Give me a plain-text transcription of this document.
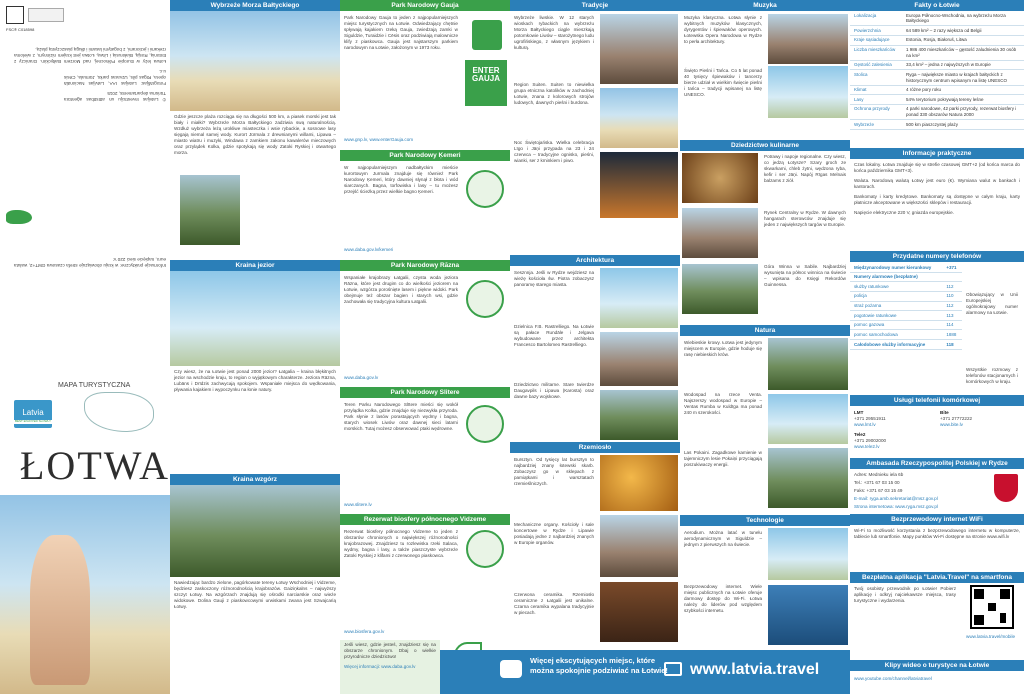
© Latvijas Investīciju un attīstības aģentūra Tūrisma departaments, 2015
Fotogrāfijas: Latvijas IAA, Latvijas Nacionālā opera, Rīgas pils, Uzvaras parks, Jūrmala, Cēsis u.c.
Łotwa leży w Europie Północnej, nad Morzem Bałtyckim. Graniczy z Estonią, Rosją, Białorusią i Litwą. Łotwa jest krajem nizinnym, z wieloma rzekami i jeziorami, z bogatymi lasami i długą piaszczystą plażą.
FSC® C018598
Informacje praktyczne: w kraju obowiązuje strefa czasowa GMT+2, waluta euro, napięcie sieci 220 V.
MAPA TURYSTYCZNA
Latvia
BEST ENJOYED SLOWLY
ŁOTWA
Wybrzeże Morza Bałtyckiego
Gdzie jeszcze plaża rozciąga się na długości 500 km, a piasek morski jest tak biały i miałki? Wybrzeże Morza Bałtyckiego zadziwia swą naturalnością. Wzdłuż wybrzeża leżą urokliwe miasteczka i wsie rybackie, a sosnowe lasy sięgają niemal samej wody. Kurort Jūrmala z drewnianymi willami, Lipawa – miasto wiatru i muzyki, Windawa z zamkiem zakonu kawalerów mieczowych oraz przylądek Kolka, gdzie spotykają się wody Zatoki Ryskiej i otwartego morza.
Kraina jezior
Czy wiesz, że na Łotwie jest ponad 2000 jezior? Łatgalia – kraina błękitnych jezior na wschodzie kraju, to region o wyjątkowym charakterze. Jeziora Rāzna, Lubāns i Drīdzis zachwycają spokojem. Wspaniałe miejsca do wędkowania, pływania kajakiem i wypoczynku na łonie natury.
Kraina wzgórz
Nawiedzając bardzo zielone, pagórkowate tereny Łotwy Wschodniej i Vidzeme, będziesz zaskoczony różnorodnością krajobrazów. Gaiziņkalns – najwyższy szczyt Łotwy. Na wzgórzach znajdują się ośrodki narciarskie oraz wieże widokowe. Dolina Gauji z piaskowcowymi urwiskami zwana jest Szwajcarią Łotwy.
Park Narodowy Gauja
Park Narodowy Gauja to jeden z najpopularniejszych miejsc turystycznych na Łotwie. Odwiedzający chętnie spływają kajakiem rzeką Gauja, zwiedzają zamki w Siguldzie, Turaidzie i Cēsis oraz podziwiają malownicze klify z piaskowca. Gauja jest najstarszym parkiem narodowym na Łotwie, założonym w 1973 roku.
ENTER GAUJA
www.gnp.lv, www.enterGauja.com
Park Narodowy Ķemeri
W najpopularniejszym nadbałtyckim mieście kurortowym Jurmala znajduje się również Park Narodowy Ķemeri, który dawniej słynął z błota i wód siarczanych. Bagna, torfowiska i lasy – tu możesz przejść ścieżką przez wielkie bagno Ķemeri.
www.daba.gov.lv/kemeri
Park Narodowy Rāzna
Wspaniałe krajobrazy Łatgalii, czysta woda jeziora Rāzna, które jest drugim co do wielkości jeziorem na Łotwie, wzgórza porośnięte lasem i piękne widoki. Park obejmuje też obszar bagien i starych wsi, gdzie zachowała się tradycyjna kultura Łatgalii.
www.daba.gov.lv
Park Narodowy Slitere
Teren Parku Narodowego Slītere mieści się wokół przylądka Kolka, gdzie znajduje się niezwykła przyroda. Park słynie z lasów porastających wydmy i bagna, starych wiosek Liwów oraz dawnej sieci latarni morskich. Tutaj możesz obserwować ptaki wędrowne.
www.slitere.lv
Rezerwat biosfery północnego Vidzeme
Rezerwat biosfery północnego Vidzeme to jeden z obszarów chronionych o największej różnorodności krajobrazowej. Znajdziesz tu rozlewiska rzeki Salaca, wydmy, bagna i lasy, a także piaszczyste wybrzeże Zatoki Ryskiej z klifami z czerwonego piaskowca.
www.biosfera.gov.lv
Jeśli wiesz, gdzie jesteś, znajdziesz się na obszarze chronionym. Dbaj o wielkie przyrodnicze dziedzictwo!
Więcej informacji: www.daba.gov.lv
Tradycje
Wybrzeże liwskie. W 12 starych wioskach rybackich na wybrzeżu Morza Bałtyckiego ciągle mieszkają potomkowie Liwów – starożytnego ludu ugrofińskiego, z własnym językiem i kulturą.
Region Suiten. Suiten to niewielka grupa etniczna katolików w zachodniej Łotwie, znana z kolorowych strojów ludowych, dawnych pieśni i burdona.
Noc Świętojańska. Wielka celebracja Līgo i Jāņi przypada na 23 i 24 czerwca – tradycyjne ognisko, pieśni, wianki, ser z kminkiem i piwo.
Architektura
Sesznnja. Jeśli w Rydze wejdziesz na wieżę kościoła św. Piotra zobaczysz panoramę starego miasta.
Dzielnica F.B. Rastrelliego. Na Łotwie są pałace Rundāle i Jelgava wybudowane przez architekta Francesco Bartolomeo Rastrelliego.
Dziedzictwo militarne. Stare twierdze Daugavpils i Lipawa (Karosta) oraz dawne bazy wojskowe.
Rzemiosło
Bursztyn. Od tysięcy lat bursztyn to najbardziej znany łotewski skarb. Zobaczysz go w sklepach z pamiątkami i warsztatach rzemieślniczych.
Mechaniczne organy. Kościoły i sale koncertowe w Rydze i Lipawie posiadają jedne z najbardziej znanych w Europie organów.
Czerwona ceramika. Rzemiosło ceramiczne z Łatgalii jest unikalne. Czarna ceramika wypalana tradycyjnie w piecach.
Muzyka
Muzyka klasyczna. Łotwa słynie z wybitnych muzyków klasycznych, dyrygentów i śpiewaków operowych. Łotewska Opera Narodowa w Rydze to perła architektury.
Święto Pieśni i Tańca. Co 5 lat ponad 40 tysięcy śpiewaków i tancerzy bierze udział w wielkim święcie pieśni i tańca – tradycji wpisanej na listę UNESCO.
Dziedzictwo kulinarne
Potrawy i napoje regionalne. Czy wiesz, co jedzą Łotysze? Szary groch ze skwarkami, chleb żytni, wędzona ryba, kefir i ser Jāņi. Napój Rīgas Melnais balzams z ziół.
Rynek Centralny w Rydze. W dawnych hangarach sterowców znajduje się jeden z największych targów w Europie.
Góra Winna w Sabile. Najbardziej wysunięta na północ winnica na świecie – wpisana do Księgi Rekordów Guinnessa.
Natura
Wiebieskie krowy. Łotwa jest jedynym miejscem w Europie, gdzie hoduje się rasę niebieskich krów.
Wodospad na rzece Venta. Najszerszy wodospad w Europie – Ventas Rumba w Kuldīga ma ponad 240 m szerokości.
Las Pokaini. Zagadkowe kamienie w tajemniczym lesie Pokaiņi przyciągają poszukiwaczy energii.
Technologie
Aerodium. Można latać w tunelu aerodynamicznym w Siguldzie – jednym z pierwszych na świecie.
Bezprzewodowy internet. Wiele miejsc publicznych na Łotwie oferuje darmowy dostęp do Wi-Fi. Łotwa należy do liderów pod względem szybkości internetu.
Fakty o Łotwie
Lokalizacja	Europa Północno-Wschodnia, na wybrzeżu Morza Bałtyckiego
Powierzchnia	64 589 km² – 2 razy większa od Belgii
Kraje sąsiadujące	Estonia, Rosja, Białoruś, Litwa
Liczba mieszkańców	1 986 400 mieszkańców – gęstość zaludnienia 30 osób na km²
Gęstość zalesienia	33,4 km² – jedna z najwyższych w Europie
Stolica	Ryga – największe miasto w krajach bałtyckich z historycznym centrum wpisanym na listę UNESCO
Klimat	4 różne pory roku
Lasy	54% terytorium pokrywają tereny leśne
Ochrona przyrody	4 parki narodowe, 42 parki przyrody, rezerwat biosfery i ponad 330 obszarów Natura 2000
Wybrzeże	500 km piaszczystej plaży
Informacje praktyczne
Czas lokalny. Łotwa znajduje się w strefie czasowej GMT+2 (od końca marca do końca października GMT+3).
Waluta. Narodową walutą Łotwy jest euro (€). Wymiana walut w bankach i kantorach.
Bankomaty i karty kredytowe. Bankomaty są dostępne w całym kraju, karty płatnicze akceptowane w większości sklepów i restauracji.
Napięcie elektryczne 220 V, gniazda europejskie.
Przydatne numery telefonów
Międzynarodowy numer kierunkowy	+371
Numery alarmowe (bezpłatne)	
służby ratunkowe	112
policja	110
straż pożarna	112
pogotowie ratunkowe	113
pomoc gazowa	114
pomoc samochodowa	1888
Całodobowe służby informacyjne	118
Obowiązujący w Unii Europejskiej ogólnokrajowy numer alarmowy na Łotwie.
Wszystkie rozmowy z telefonów stacjonarnych i komórkowych w kraju.
Usługi telefonii komórkowej
LMT
+371 29551911
www.lmt.lv
Bite
+371 27772222
www.bite.lv
Tele2
+371 29002000
www.tele2.lv
Ambasada Rzeczypospolitej Polskiej w Rydze
Adres: Mednieku iela 6b
Tel.: +371 67 03 15 00
Faks: +371 67 03 15 49
E-mail: ryga.amb.sekretariat@msz.gov.pl
Strona internetowa: www.ryga.msz.gov.pl
Bezprzewodowy internet WiFi
Wi-Fi to możliwość korzystania z bezprzewodowego internetu w komputerze, tablecie lub smartfonie. Mapy punktów Wi-Fi dostępne na stronie www.wifi.lv
Bezpłatna aplikacja "Latvia.Travel" na smartfona
Twój osobisty przewodnik po Łotwie! Pobierz aplikację i odkryj najciekawsze miejsca, trasy turystyczne i wydarzenia.
www.latvia.travel/mobile
Klipy wideo o turystyce na Łotwie
www.youtube.com/channel/latviatravel
Więcej ekscytujących miejsc, które
można spokojnie podziwiać na Łotwie! www.latvia.travel
